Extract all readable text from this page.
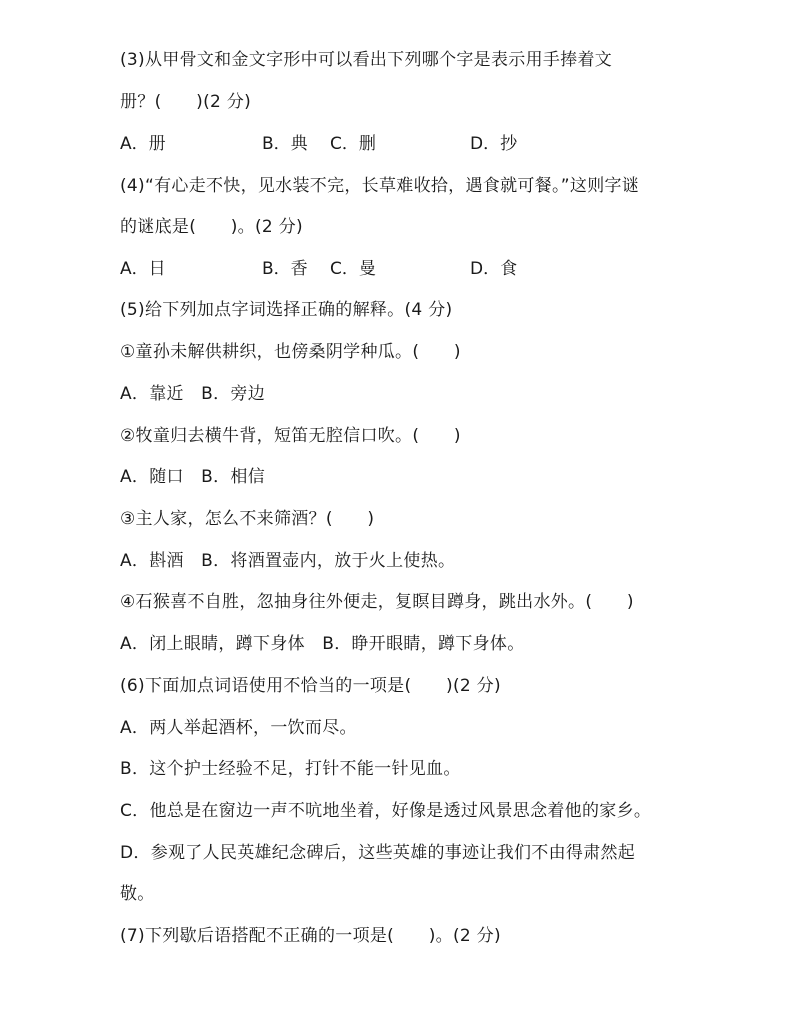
(3)从甲骨文和金文字形中可以看出下列哪个字是表示用手捧着文
册？(　　)(2 分)
A．册	B．典 C．删	D．抄
(4)“有心走不快，见水装不完，长草难收拾，遇食就可餐。”这则字谜
的谜底是(　　)。(2 分)
A．日	B．香 C．曼	D．食
(5)给下列加点字词选择正确的解释。(4 分)
①童孙未解供耕织，也傍桑阴学种瓜。(　　)
A．靠近　B．旁边
②牧童归去横牛背，短笛无腔信口吹。(　　)
A．随口　B．相信
③主人家，怎么不来筛酒？(　　)
A．斟酒　B．将酒置壶内，放于火上使热。
④石猴喜不自胜，忽抽身往外便走，复瞑目蹲身，跳出水外。(　　)
A．闭上眼睛，蹲下身体　B．睁开眼睛，蹲下身体。
(6)下面加点词语使用不恰当的一项是(　　)(2 分)
A．两人举起酒杯，一饮而尽。
B．这个护士经验不足，打针不能一针见血。
C．他总是在窗边一声不吭地坐着，好像是透过风景思念着他的家乡。
D．参观了人民英雄纪念碑后，这些英雄的事迹让我们不由得肃然起
敬。
(7)下列歇后语搭配不正确的一项是(　　)。(2 分)
